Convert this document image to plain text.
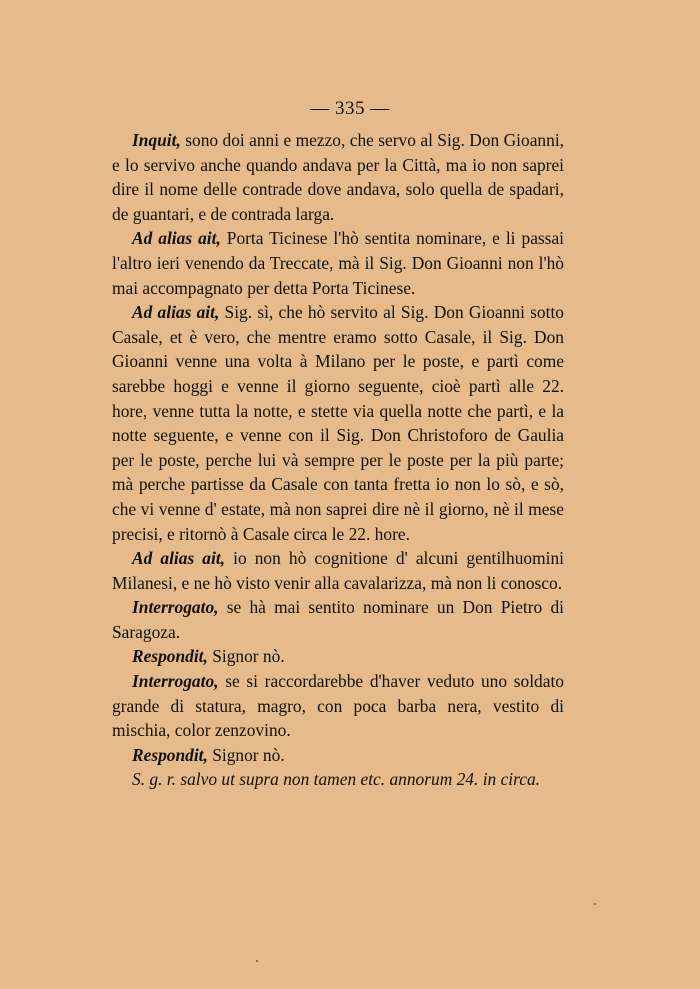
— 335 —

Inquit, sono doi anni e mezzo, che servo al Sig. Don Gioanni, e lo servivo anche quando andava per la Città, ma io non saprei dire il nome delle contrade dove andava, solo quella de spadari, de guantari, e de contrada larga.

Ad alias ait, Porta Ticinese l'hò sentita nominare, e li passai l'altro ieri venendo da Treccate, mà il Sig. Don Gioanni non l'hò mai accompagnato per detta Porta Ticinese.

Ad alias ait, Sig. sì, che hò servito al Sig. Don Gioanni sotto Casale, et è vero, che mentre eramo sotto Casale, il Sig. Don Gioanni venne una volta à Milano per le poste, e partì come sarebbe hoggi e venne il giorno seguente, cioè partì alle 22. hore, venne tutta la notte, e stette via quella notte che partì, e la notte seguente, e venne con il Sig. Don Christoforo de Gaulia per le poste, perche lui và sempre per le poste per la più parte; mà perche partisse da Casale con tanta fretta io non lo sò, e sò, che vi venne d' estate, mà non saprei dire nè il giorno, nè il mese precisi, e ritornò à Casale circa le 22. hore.

Ad alias ait, io non hò cognitione d' alcuni gentilhuomini Milanesi, e ne hò visto venir alla cavalarizza, mà non li conosco.

Interrogato, se hà mai sentito nominare un Don Pietro di Saragoza.

Respondit, Signor nò.

Interrogato, se si raccordarebbe d'haver veduto uno soldato grande di statura, magro, con poca barba nera, vestito di mischia, color zenzovino.

Respondit, Signor nò.

S. g. r. salvo ut supra non tamen etc. annorum 24. in circa.
